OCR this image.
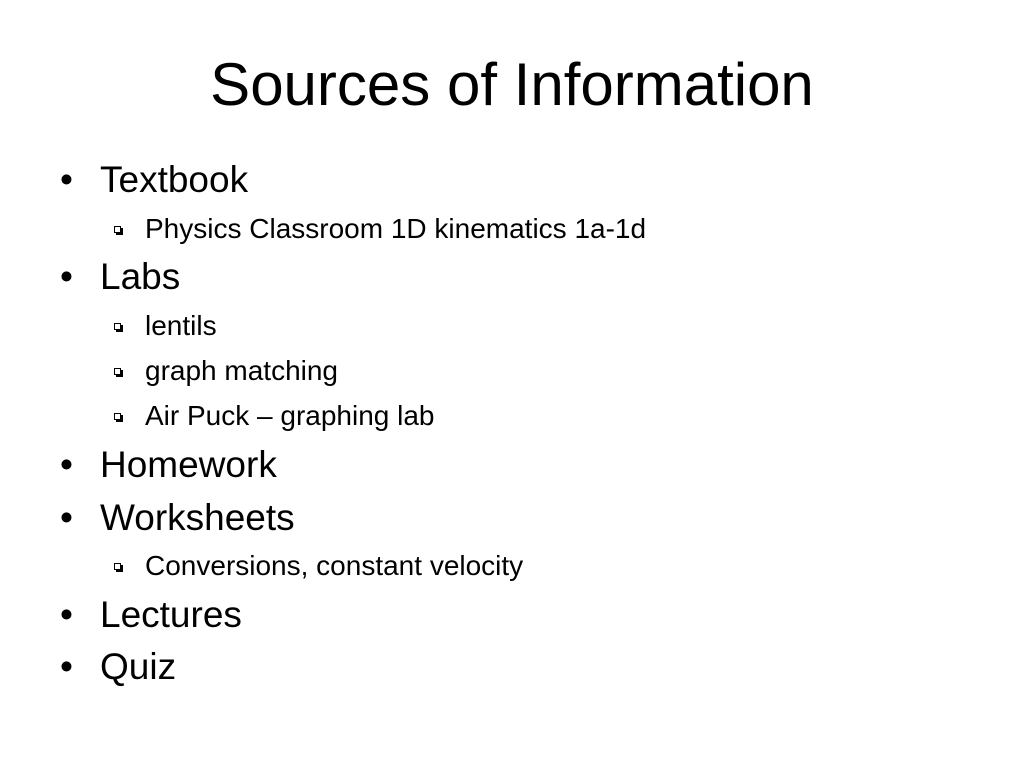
Sources of Information
• Textbook
Physics Classroom 1D kinematics 1a-1d
• Labs
lentils
graph matching
Air Puck – graphing lab
• Homework
• Worksheets
Conversions, constant velocity
• Lectures
• Quiz
